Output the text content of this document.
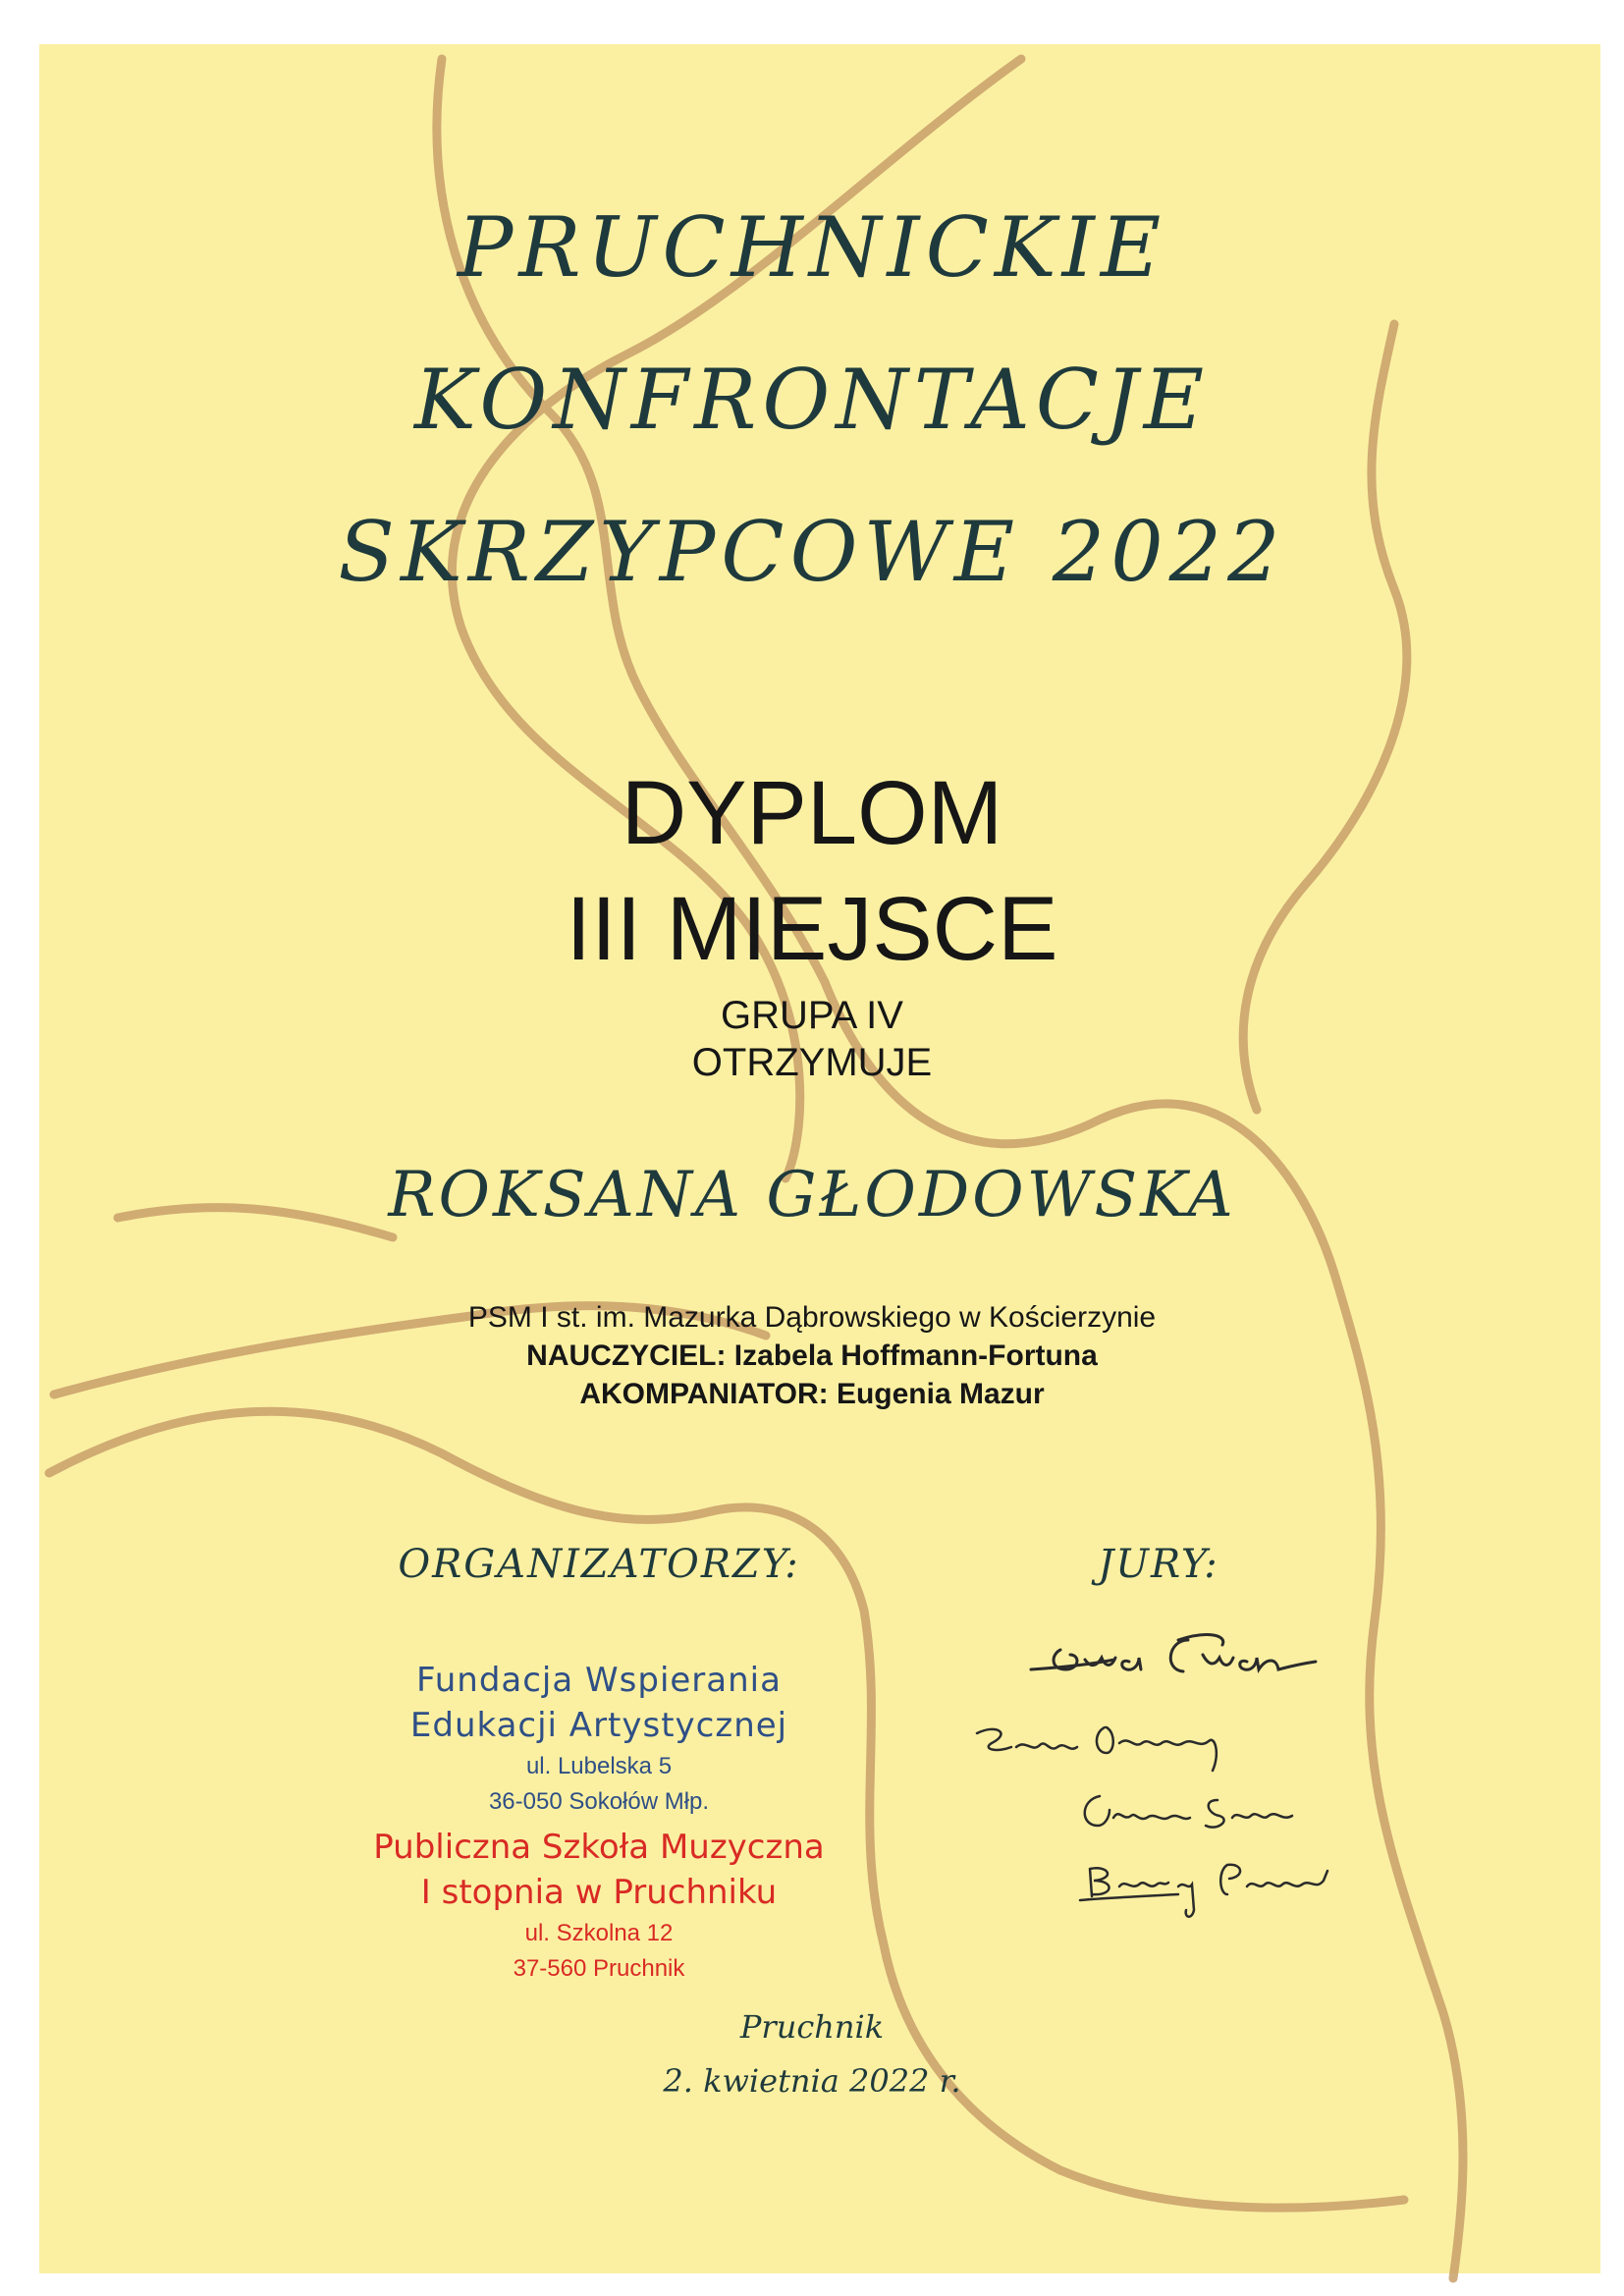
PRUCHNICKIE
KONFRONTACJE
SKRZYPCOWE 2022
DYPLOM
III MIEJSCE
GRUPA IV
OTRZYMUJE
ROKSANA GŁODOWSKA
PSM I st. im. Mazurka Dąbrowskiego w Kościerzynie
NAUCZYCIEL: Izabela Hoffmann-Fortuna
AKOMPANIATOR: Eugenia Mazur
ORGANIZATORZY:
Fundacja Wspierania
Edukacji Artystycznej
ul. Lubelska 5
36-050 Sokołów Młp.
Publiczna Szkoła Muzyczna
I stopnia w Pruchniku
ul. Szkolna 12
37-560 Pruchnik
JURY:
Pruchnik
2. kwietnia 2022 r.
